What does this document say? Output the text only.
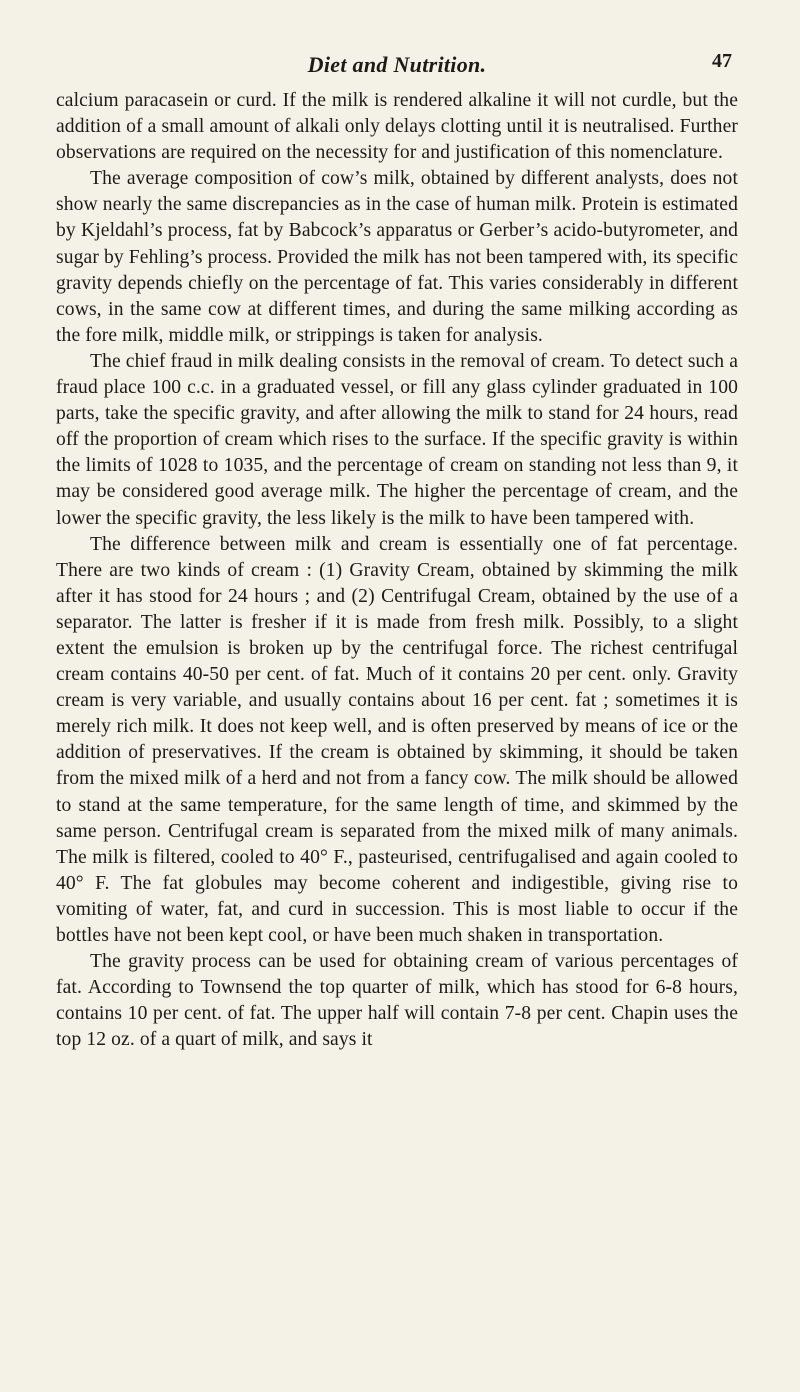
Diet and Nutrition.	47

calcium paracasein or curd. If the milk is rendered alkaline it will not curdle, but the addition of a small amount of alkali only delays clotting until it is neutralised. Further observations are required on the necessity for and justification of this nomenclature.

The average composition of cow’s milk, obtained by different analysts, does not show nearly the same discrepancies as in the case of human milk. Protein is estimated by Kjeldahl’s process, fat by Babcock’s apparatus or Gerber’s acido-butyrometer, and sugar by Fehling’s process. Provided the milk has not been tampered with, its specific gravity depends chiefly on the percentage of fat. This varies considerably in different cows, in the same cow at different times, and during the same milking according as the fore milk, middle milk, or strippings is taken for analysis.

The chief fraud in milk dealing consists in the removal of cream. To detect such a fraud place 100 c.c. in a graduated vessel, or fill any glass cylinder graduated in 100 parts, take the specific gravity, and after allowing the milk to stand for 24 hours, read off the proportion of cream which rises to the surface. If the specific gravity is within the limits of 1028 to 1035, and the percentage of cream on standing not less than 9, it may be considered good average milk. The higher the percentage of cream, and the lower the specific gravity, the less likely is the milk to have been tampered with.

The difference between milk and cream is essentially one of fat percentage. There are two kinds of cream : (1) Gravity Cream, obtained by skimming the milk after it has stood for 24 hours ; and (2) Centrifugal Cream, obtained by the use of a separator. The latter is fresher if it is made from fresh milk. Possibly, to a slight extent the emulsion is broken up by the centrifugal force. The richest centrifugal cream contains 40-50 per cent. of fat. Much of it contains 20 per cent. only. Gravity cream is very variable, and usually contains about 16 per cent. fat ; sometimes it is merely rich milk. It does not keep well, and is often preserved by means of ice or the addition of preservatives. If the cream is obtained by skimming, it should be taken from the mixed milk of a herd and not from a fancy cow. The milk should be allowed to stand at the same temperature, for the same length of time, and skimmed by the same person. Centrifugal cream is separated from the mixed milk of many animals. The milk is filtered, cooled to 40° F., pasteurised, centrifugalised and again cooled to 40° F. The fat globules may become coherent and indigestible, giving rise to vomiting of water, fat, and curd in succession. This is most liable to occur if the bottles have not been kept cool, or have been much shaken in transportation.

The gravity process can be used for obtaining cream of various percentages of fat. According to Townsend the top quarter of milk, which has stood for 6-8 hours, contains 10 per cent. of fat. The upper half will contain 7-8 per cent. Chapin uses the top 12 oz. of a quart of milk, and says it
